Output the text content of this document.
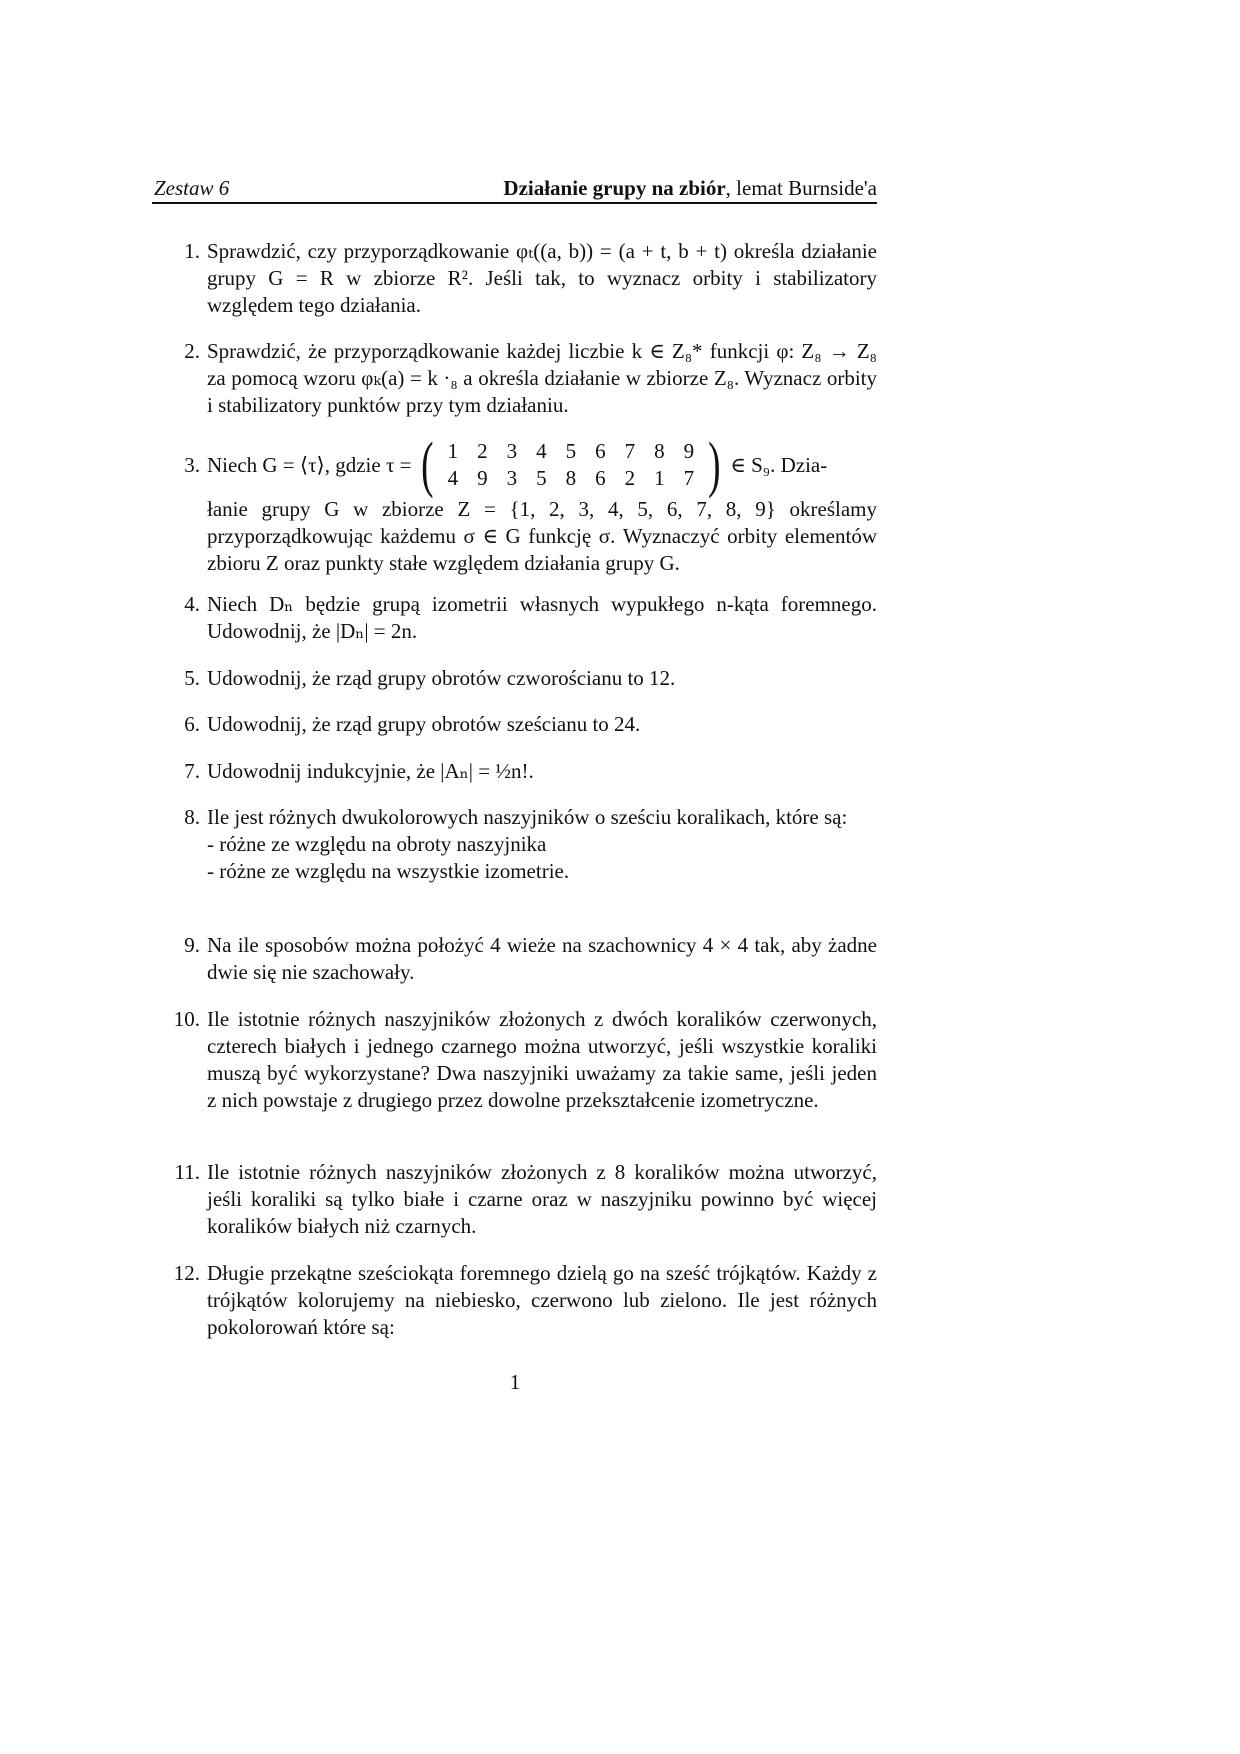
Zestaw 6	Działanie grupy na zbiór, lemat Burnside'a
1. Sprawdzić, czy przyporządkowanie φₜ((a, b)) = (a + t, b + t) określa działanie grupy G = R w zbiorze R². Jeśli tak, to wyznacz orbity i stabilizatory względem tego działania.
2. Sprawdzić, że przyporządkowanie każdej liczbie k ∈ Z₈* funkcji φ: Z₈ → Z₈ za pomocą wzoru φₖ(a) = k ·₈ a określa działanie w zbiorze Z₈. Wyznacz orbity i stabilizatory punktów przy tym działaniu.
3. Niech G = ⟨τ⟩, gdzie τ = ( 1 2 3 4 5 6 7 8 9
4 9 3 5 8 6 2 1 7 ) ∈ S₉. Dzia-
łanie grupy G w zbiorze Z = {1, 2, 3, 4, 5, 6, 7, 8, 9} określamy przyporządkowując każdemu σ ∈ G funkcję σ. Wyznaczyć orbity elementów zbioru Z oraz punkty stałe względem działania grupy G.
4. Niech Dₙ będzie grupą izometrii własnych wypukłego n-kąta foremnego. Udowodnij, że |Dₙ| = 2n.
5. Udowodnij, że rząd grupy obrotów czworościanu to 12.
6. Udowodnij, że rząd grupy obrotów sześcianu to 24.
7. Udowodnij indukcyjnie, że |Aₙ| = ½n!.
8. Ile jest różnych dwukolorowych naszyjników o sześciu koralikach, które są:
- różne ze względu na obroty naszyjnika
- różne ze względu na wszystkie izometrie.
9. Na ile sposobów można położyć 4 wieże na szachownicy 4 × 4 tak, aby żadne dwie się nie szachowały.
10. Ile istotnie różnych naszyjników złożonych z dwóch koralików czerwonych, czterech białych i jednego czarnego można utworzyć, jeśli wszystkie koraliki muszą być wykorzystane? Dwa naszyjniki uważamy za takie same, jeśli jeden z nich powstaje z drugiego przez dowolne przekształcenie izometryczne.
11. Ile istotnie różnych naszyjników złożonych z 8 koralików można utworzyć, jeśli koraliki są tylko białe i czarne oraz w naszyjniku powinno być więcej koralików białych niż czarnych.
12. Długie przekątne sześciokąta foremnego dzielą go na sześć trójkątów. Każdy z trójkątów kolorujemy na niebiesko, czerwono lub zielono. Ile jest różnych pokolorowań które są:
1
